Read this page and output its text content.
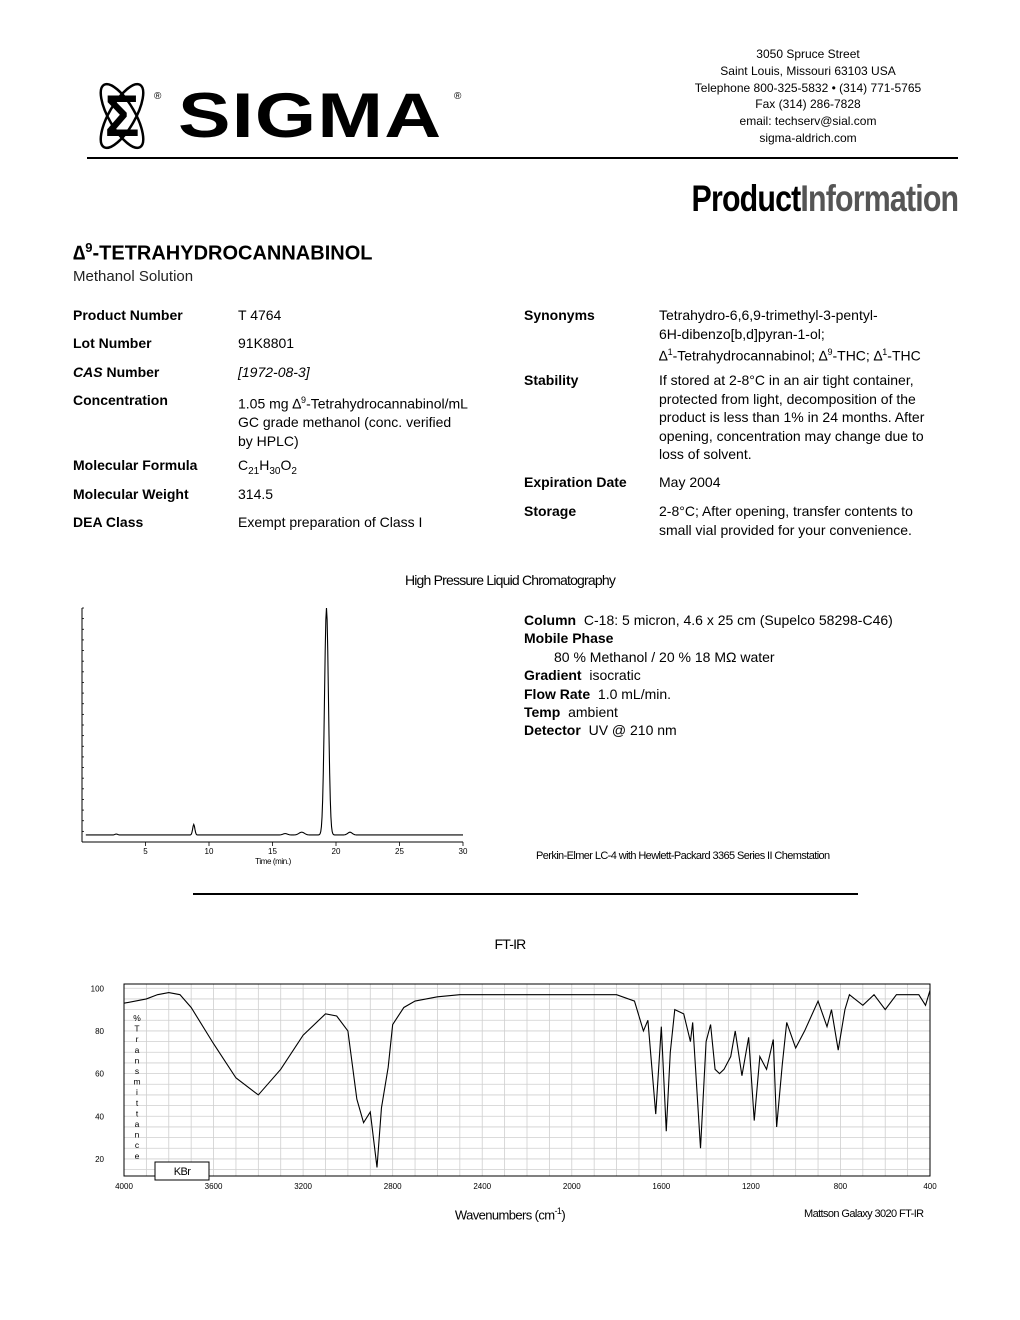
Σ ® SIGMA ®
3050 Spruce Street
Saint Louis, Missouri 63103 USA
Telephone 800-325-5832 • (314) 771-5765
Fax (314) 286-7828
email: techserv@sial.com
sigma-aldrich.com
ProductInformation
∆$^9$-TETRAHYDROCANNABINOL
Methanol Solution
Product Number	T 4764
Lot Number	91K8801
CAS Number	[1972-08-3]
Concentration	1.05 mg ∆$^9$-Tetrahydrocannabinol/mL
GC grade methanol (conc. verified
by HPLC)
Molecular Formula	$C_{21}H_{30}O_2$
Molecular Weight	314.5
DEA Class	Exempt preparation of Class I
Synonyms	Tetrahydro-6,6,9-trimethyl-3-pentyl-
6H-dibenzo[b,d]pyran-1-ol;
∆$^1$-Tetrahydrocannabinol; ∆$^9$-THC; ∆$^1$-THC
Stability	If stored at 2-8°C in an air tight container,
protected from light, decomposition of the
product is less than 1% in 24 months. After
opening, concentration may change due to
loss of solvent.
Expiration Date May 2004
Storage	2-8°C; After opening, transfer contents to
small vial provided for your convenience.
High Pressure Liquid Chromatography
5	10	15	20	25	30
Time (min.)
Column C-18: 5 micron, 4.6 x 25 cm (Supelco 58298-C46)
Mobile Phase
80 % Methanol / 20 % 18 MΩ water
Gradient isocratic
Flow Rate 1.0 mL/min.
Temp ambient
Detector UV @ 210 nm
Perkin-Elmer LC-4 with Hewlett-Packard 3365 Series II Chemstation
FT-IR
4000	3600	3200	2800	2400	2000	1600	1200	800	400
100
80
60
40
20
%
T
r
a
n
s
m
i
t
t
a
n
c
e
KBr
Wavenumbers $(cm^{-1})$	Mattson Galaxy 3020 FT-IR
